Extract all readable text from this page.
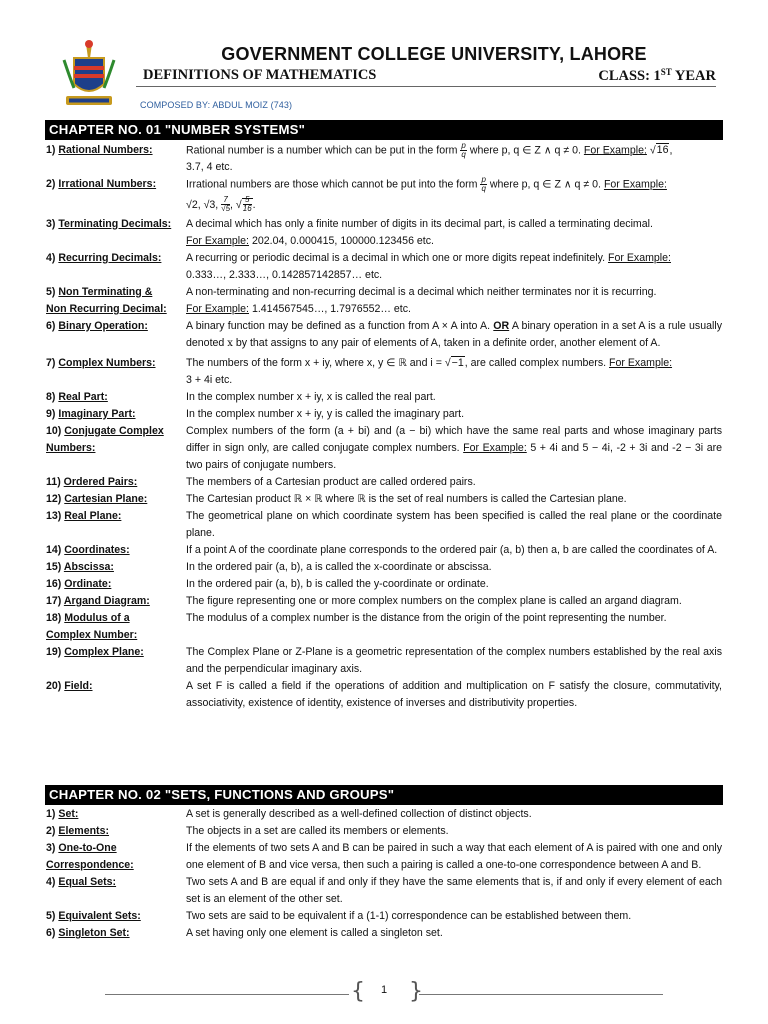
GOVERNMENT COLLEGE UNIVERSITY, LAHORE
DEFINITIONS OF MATHEMATICS	CLASS: 1ST YEAR
COMPOSED BY: ABDUL MOIZ (743)
CHAPTER NO. 01 "NUMBER SYSTEMS"
1) Rational Numbers:	Rational number is a number which can be put in the form $\frac{p}{q}$ where p, q ∈ Z ∧ q ≠ 0. For Example: √16,
3.7, 4 etc.
2) Irrational Numbers:	Irrational numbers are those which cannot be put into the form $\frac{p}{q}$ where p, q ∈ Z ∧ q ≠ 0. For Example:
√2, √3, $\frac{7}{√5}$ , √ $\frac{5}{16}$ .
3) Terminating Decimals:	A decimal which has only a finite number of digits in its decimal part, is called a terminating decimal.
For Example: 202.04, 0.000415, 100000.123456 etc.
4) Recurring Decimals:	A recurring or periodic decimal is a decimal in which one or more digits repeat indefinitely. For Example:
0.333…, 2.333…, 0.142857142857… etc.
5) Non Terminating &
Non Recurring Decimal:
A non-terminating and non-recurring decimal is a decimal which neither terminates nor it is recurring.
For Example: 1.414567545…, 1.7976552… etc.
6) Binary Operation:	A binary function may be defined as a function from A × A into A. OR A binary operation in a set A is a rule usually denoted x by that assigns to any pair of elements of A, taken in a definite order, another element of A.
7) Complex Numbers:	The numbers of the form x + iy, where x, y ∈ ℝ and i = √−1, are called complex numbers. For Example:
3 + 4i etc.
8) Real Part:	In the complex number x + iy, x is called the real part.
9) Imaginary Part:	In the complex number x + iy, y is called the imaginary part.
10) Conjugate Complex
Numbers:
Complex numbers of the form (a + bi) and (a − bi) which have the same real parts and whose imaginary parts differ in sign only, are called conjugate complex numbers. For Example: 5 + 4i and 5 − 4i, -2 + 3i and -2 − 3i are two pairs of conjugate numbers.
11) Ordered Pairs:	The members of a Cartesian product are called ordered pairs.
12) Cartesian Plane:	The Cartesian product ℝ × ℝ where ℝ is the set of real numbers is called the Cartesian plane.
13) Real Plane:	The geometrical plane on which coordinate system has been specified is called the real plane or the coordinate plane.
14) Coordinates:	If a point A of the coordinate plane corresponds to the ordered pair (a, b) then a, b are called the coordinates of A.
15) Abscissa:	In the ordered pair (a, b), a is called the x-coordinate or abscissa.
16) Ordinate:	In the ordered pair (a, b), b is called the y-coordinate or ordinate.
17) Argand Diagram:	The figure representing one or more complex numbers on the complex plane is called an argand diagram.
18) Modulus of a
Complex Number:
The modulus of a complex number is the distance from the origin of the point representing the number.
19) Complex Plane:	The Complex Plane or Z-Plane is a geometric representation of the complex numbers established by the real axis and the perpendicular imaginary axis.
20) Field:	A set F is called a field if the operations of addition and multiplication on F satisfy the closure, commutativity, associativity, existence of identity, existence of inverses and distributivity properties.
CHAPTER NO. 02 "SETS, FUNCTIONS AND GROUPS"
1) Set:	A set is generally described as a well-defined collection of distinct objects.
2) Elements:	The objects in a set are called its members or elements.
3) One-to-One
Correspondence:
If the elements of two sets A and B can be paired in such a way that each element of A is paired with one and only one element of B and vice versa, then such a pairing is called a one-to-one correspondence between A and B.
4) Equal Sets:	Two sets A and B are equal if and only if they have the same elements that is, if and only if every element of each set is an element of the other set.
5) Equivalent Sets:	Two sets are said to be equivalent if a (1-1) correspondence can be established between them.
6) Singleton Set:	A set having only one element is called a singleton set.
{	1 }
